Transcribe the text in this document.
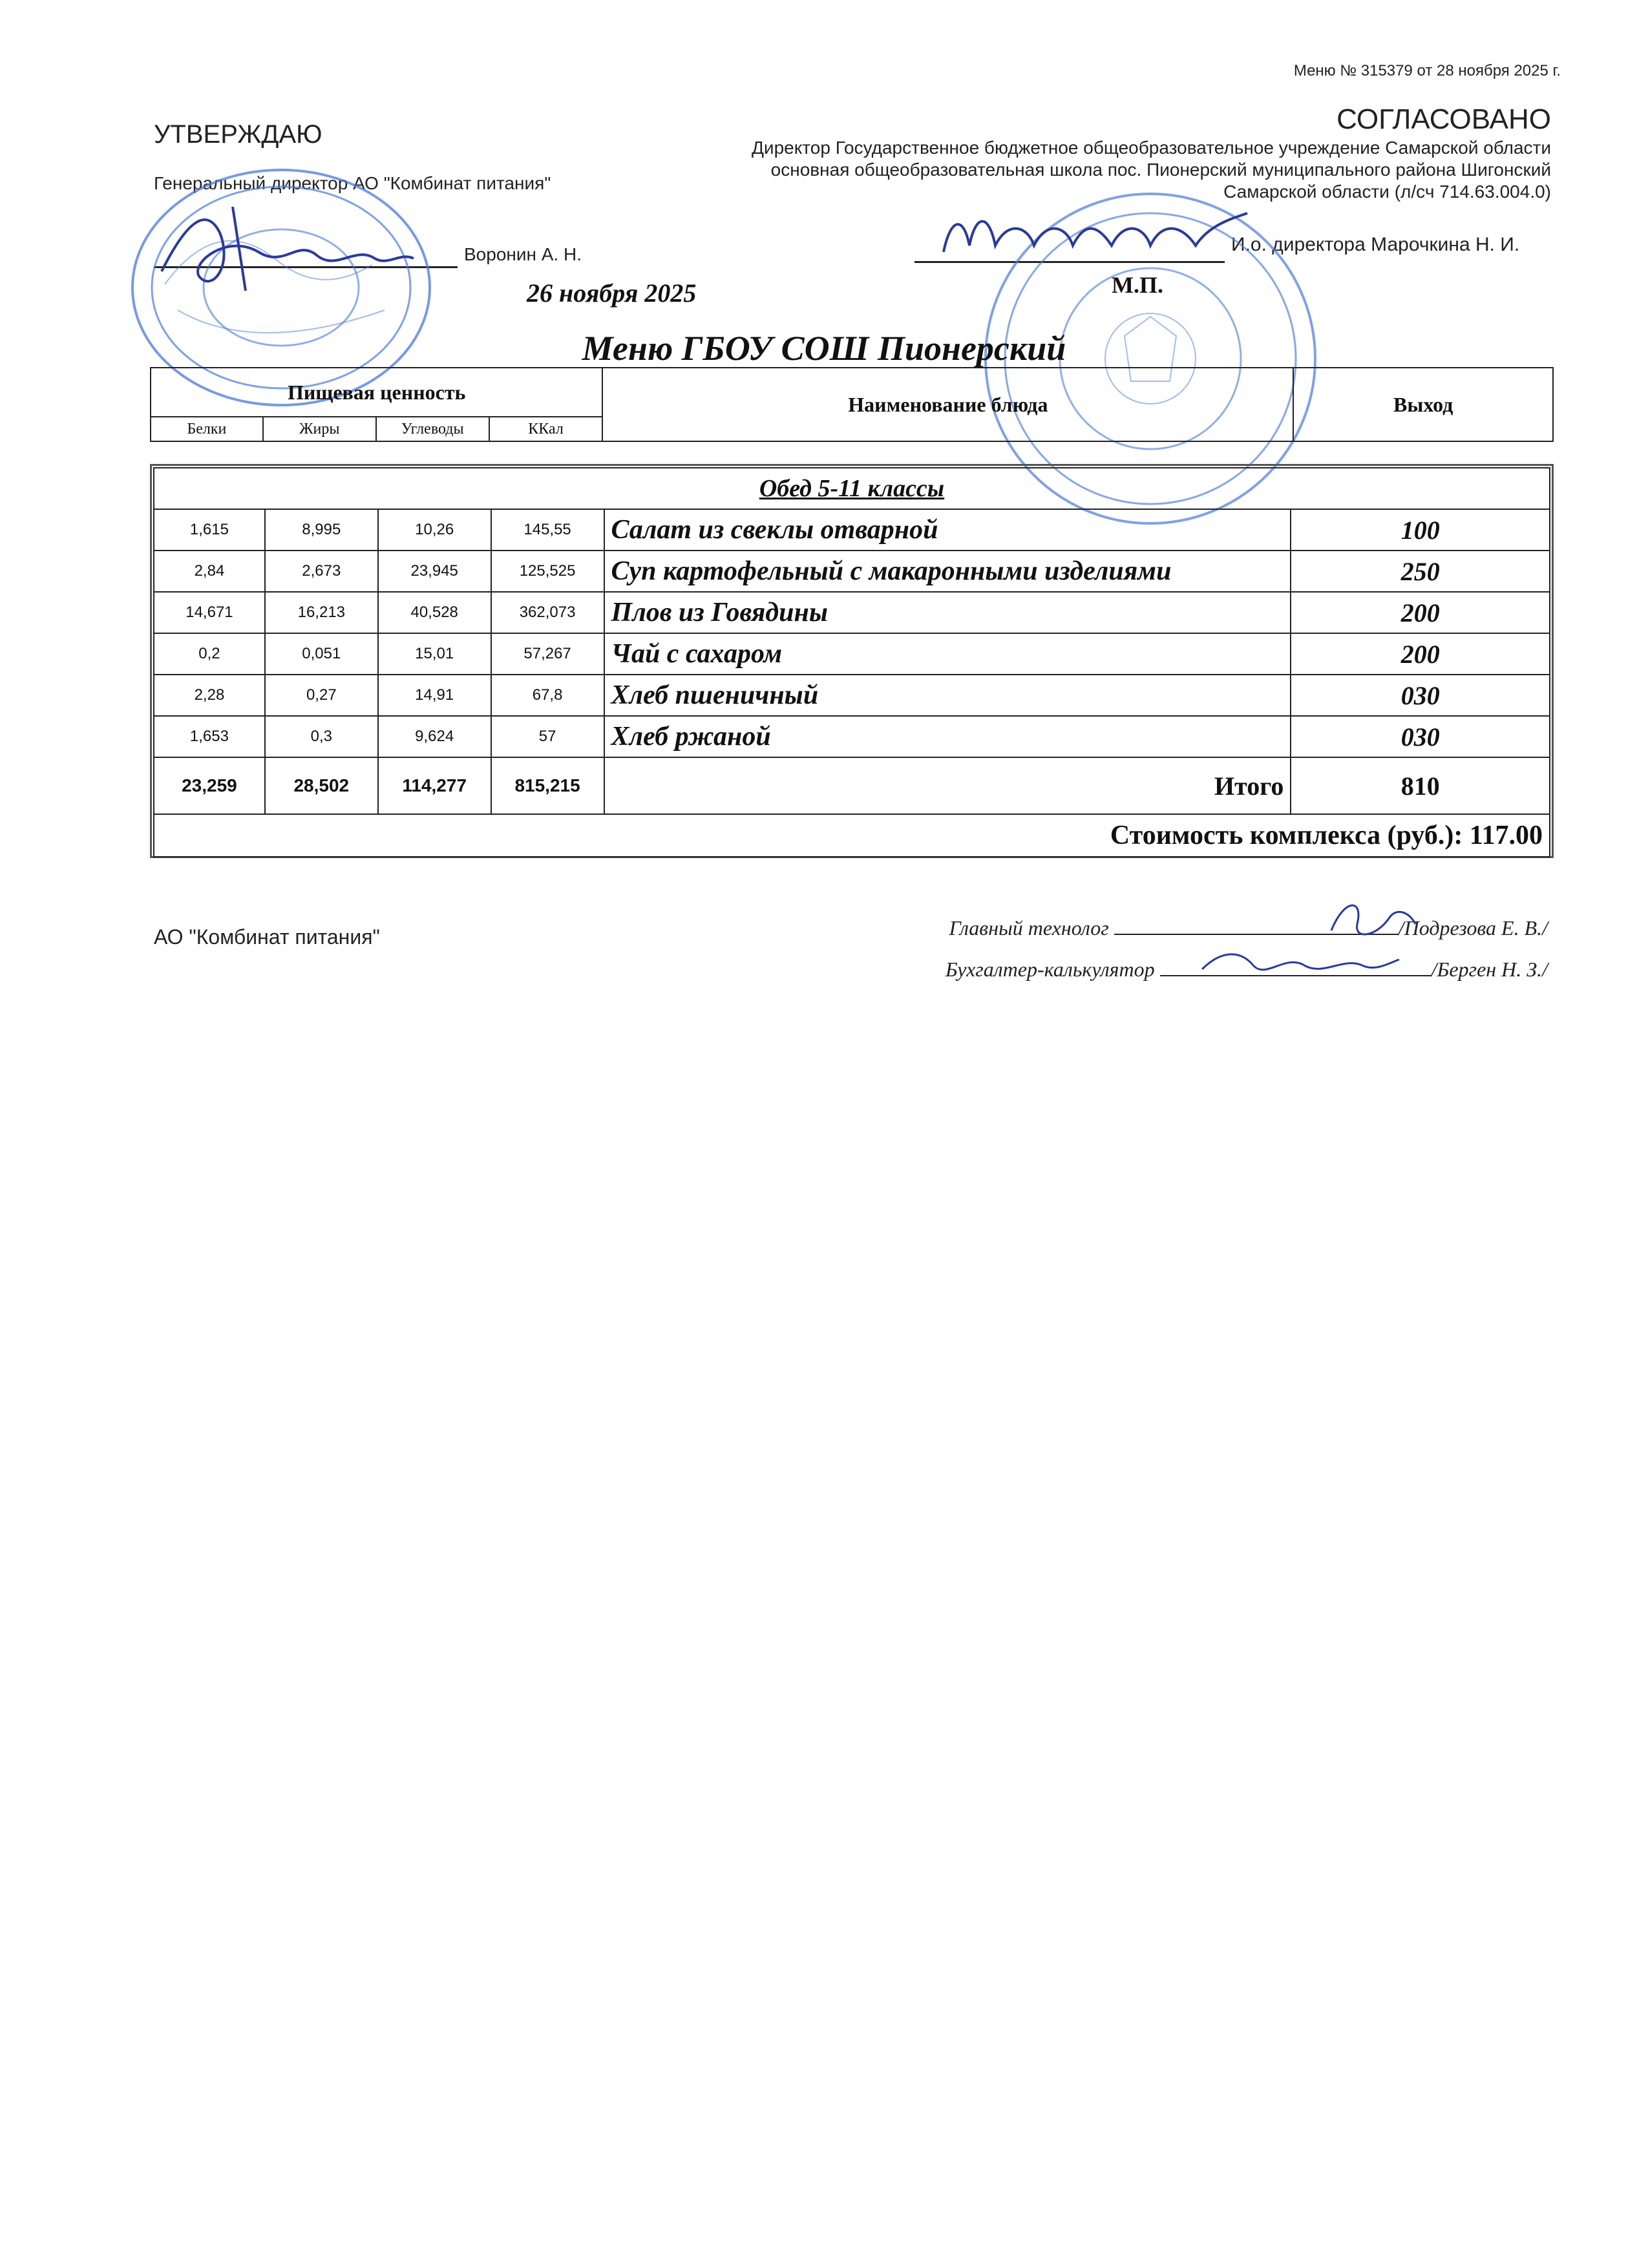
Меню № 315379 от 28 ноября 2025 г.
УТВЕРЖДАЮ
Генеральный директор АО "Комбинат питания"
Воронин А. Н.
26 ноября 2025
СОГЛАСОВАНО
Директор Государственное бюджетное общеобразовательное учреждение Самарской области основная общеобразовательная школа пос. Пионерский муниципального района Шигонский Самарской области (л/сч 714.63.004.0)
И.о. директора Марочкина Н. И.
М.П.
Меню ГБОУ СОШ Пионерский
Пищевая ценность				Наименование блюда	Выход
Белки	Жиры	Углеводы	ККал		
Обед 5-11 классы					
1,615	8,995	10,26	145,55	Салат из свеклы отварной	100
2,84	2,673	23,945	125,525	Суп картофельный с макаронными изделиями	250
14,671	16,213	40,528	362,073	Плов из Говядины	200
0,2	0,051	15,01	57,267	Чай с сахаром	200
2,28	0,27	14,91	67,8	Хлеб пшеничный	030
1,653	0,3	9,624	57	Хлеб ржаной	030
23,259	28,502	114,277	815,215	Итого	810
Стоимость комплекса (руб.): 117.00					
АО "Комбинат питания"	Главный технолог	/Подрезова Е. В./
Бухгалтер-калькулятор	/Берген Н. З./
